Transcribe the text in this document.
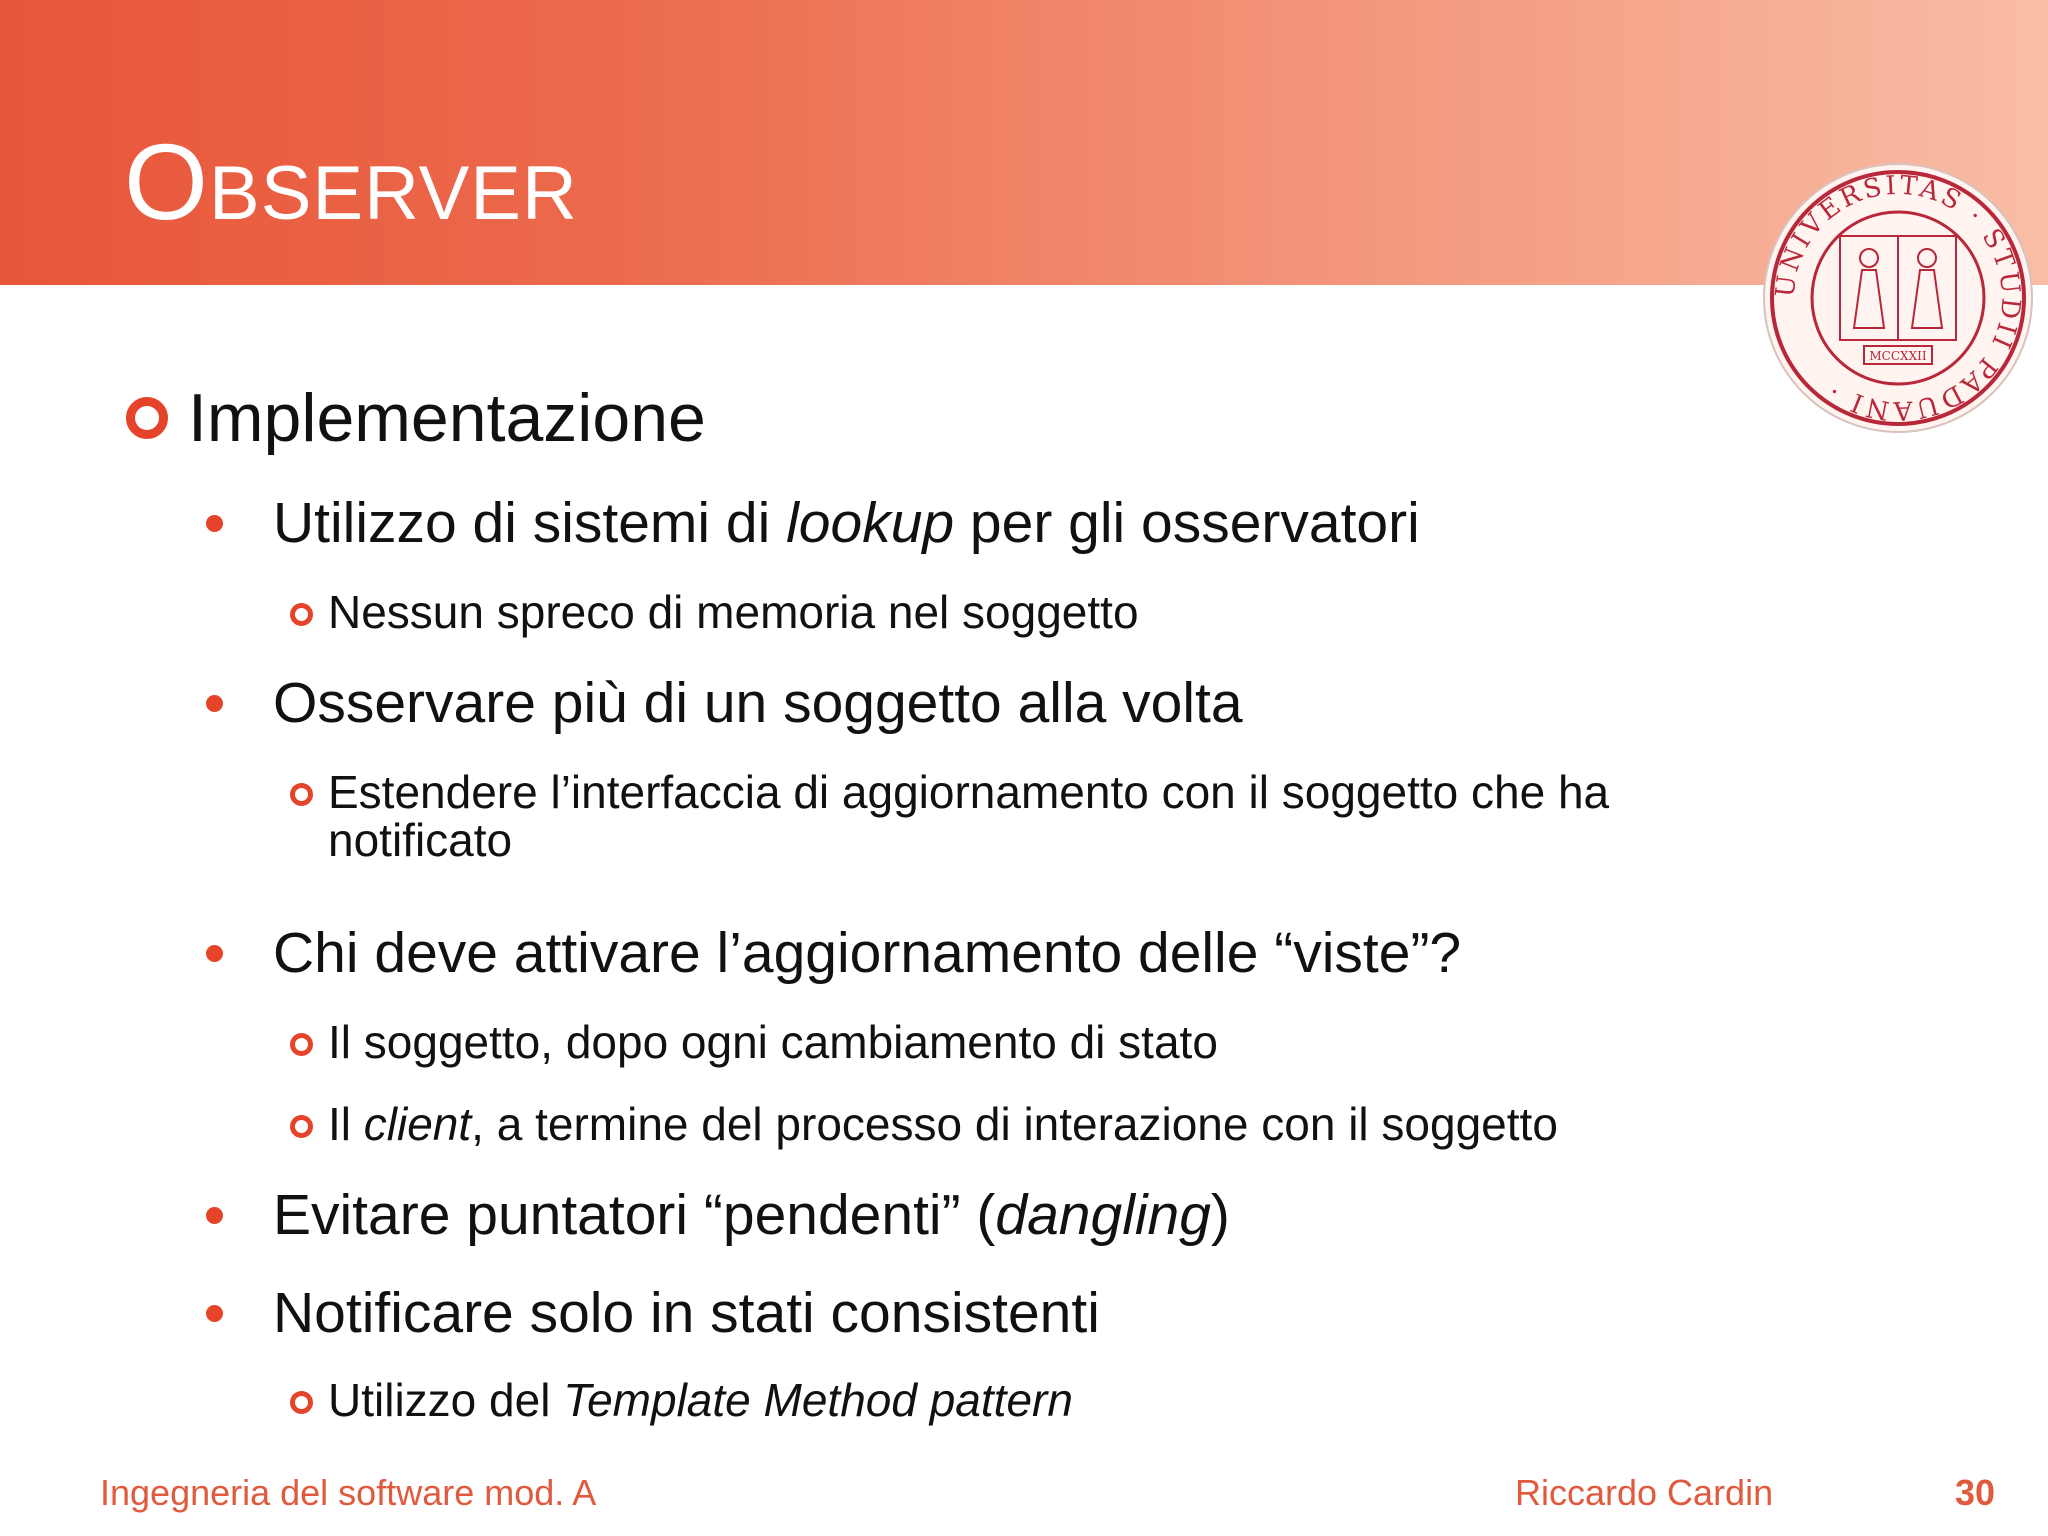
Observer
UNIVERSITAS · STUDII PADUANI ·
MCCXXII
Implementazione
Utilizzo di sistemi di lookup per gli osservatori
Nessun spreco di memoria nel soggetto
Osservare più di un soggetto alla volta
Estendere l’interfaccia di aggiornamento con il soggetto che ha notificato
Chi deve attivare l’aggiornamento delle “viste”?
Il soggetto, dopo ogni cambiamento di stato
Il client, a termine del processo di interazione con il soggetto
Evitare puntatori “pendenti” (dangling)
Notificare solo in stati consistenti
Utilizzo del Template Method pattern
Ingegneria del software mod. A	Riccardo Cardin	30
